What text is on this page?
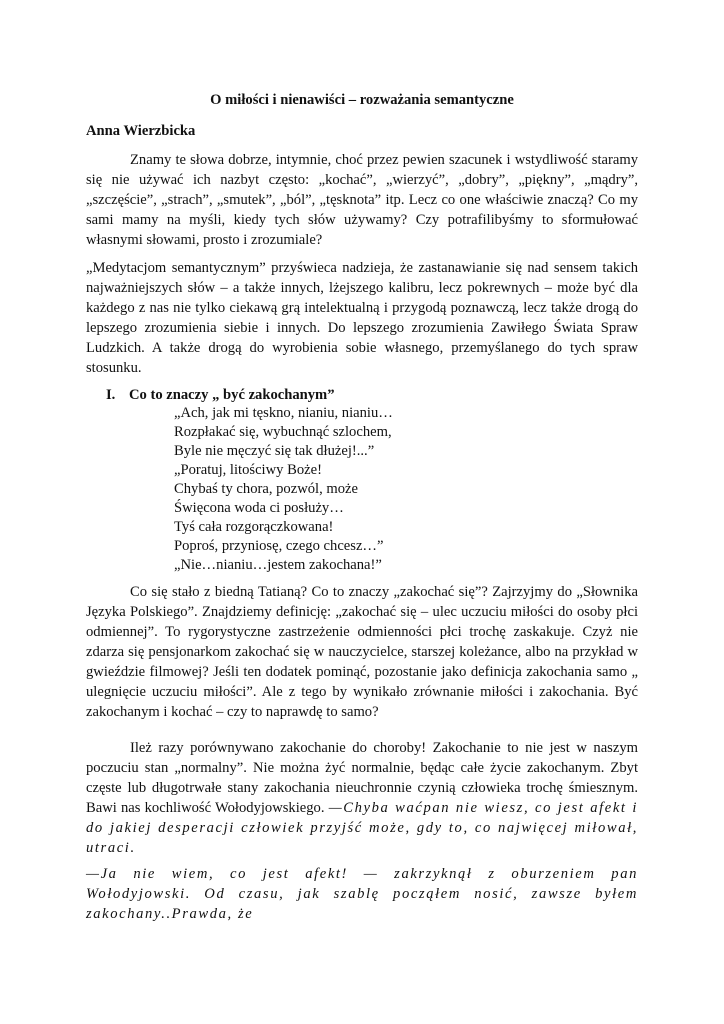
O miłości i nienawiści – rozważania semantyczne
Anna Wierzbicka

Znamy te słowa dobrze, intymnie, choć przez pewien szacunek i wstydliwość staramy się nie używać ich nazbyt często: „kochać”, „wierzyć”, „dobry”, „piękny”, „mądry”, „szczęście”, „strach”, „smutek”, „ból”, „tęsknota” itp. Lecz co one właściwie znaczą? Co my sami mamy na myśli, kiedy tych słów używamy? Czy potrafilibyśmy to sformułować własnymi słowami, prosto i zrozumiale?

„Medytacjom semantycznym” przyświeca nadzieja, że zastanawianie się nad sensem takich najważniejszych słów – a także innych, lżejszego kalibru, lecz pokrewnych – może być dla każdego z nas nie tylko ciekawą grą intelektualną i przygodą poznawczą, lecz także drogą do lepszego zrozumienia siebie i innych. Do lepszego zrozumienia Zawiłego Świata Spraw Ludzkich. A także drogą do wyrobienia sobie własnego, przemyślanego do tych spraw stosunku.

I. Co to znaczy „ być zakochanym”
„Ach, jak mi tęskno, nianiu, nianiu…
Rozpłakać się, wybuchnąć szlochem,
Byle nie męczyć się tak dłużej!...”
„Poratuj, litościwy Boże!
Chybaś ty chora, pozwól, może
Święcona woda ci posłuży…
Tyś cała rozgorączkowana!
Poproś, przyniosę, czego chcesz…”
„Nie…nianiu…jestem zakochana!”

Co się stało z biedną Tatianą? Co to znaczy „zakochać się”? Zajrzyjmy do „Słownika Języka Polskiego”. Znajdziemy definicję: „zakochać się – ulec uczuciu miłości do osoby płci odmiennej”. To rygorystyczne zastrzeżenie odmienności płci trochę zaskakuje. Czyż nie zdarza się pensjonarkom zakochać się w nauczycielce, starszej koleżance, albo na przykład w gwieździe filmowej? Jeśli ten dodatek pominąć, pozostanie jako definicja zakochania samo „ ulegnięcie uczuciu miłości”. Ale z tego by wynikało zrównanie miłości i zakochania. Być zakochanym i kochać – czy to naprawdę to samo?

Ileż razy porównywano zakochanie do choroby! Zakochanie to nie jest w naszym poczuciu stan „normalny”. Nie można żyć normalnie, będąc całe życie zakochanym. Zbyt częste lub długotrwałe stany zakochania nieuchronnie czynią człowieka trochę śmiesznym. Bawi nas kochliwość Wołodyjowskiego. —Chyba waćpan nie wiesz, co jest afekt i do jakiej desperacji człowiek przyjść może, gdy to, co najwięcej miłował, utraci.

—Ja nie wiem, co jest afekt! — zakrzyknął z oburzeniem pan Wołodyjowski. Od czasu, jak szablę począłem nosić, zawsze byłem zakochany..Prawda, że
